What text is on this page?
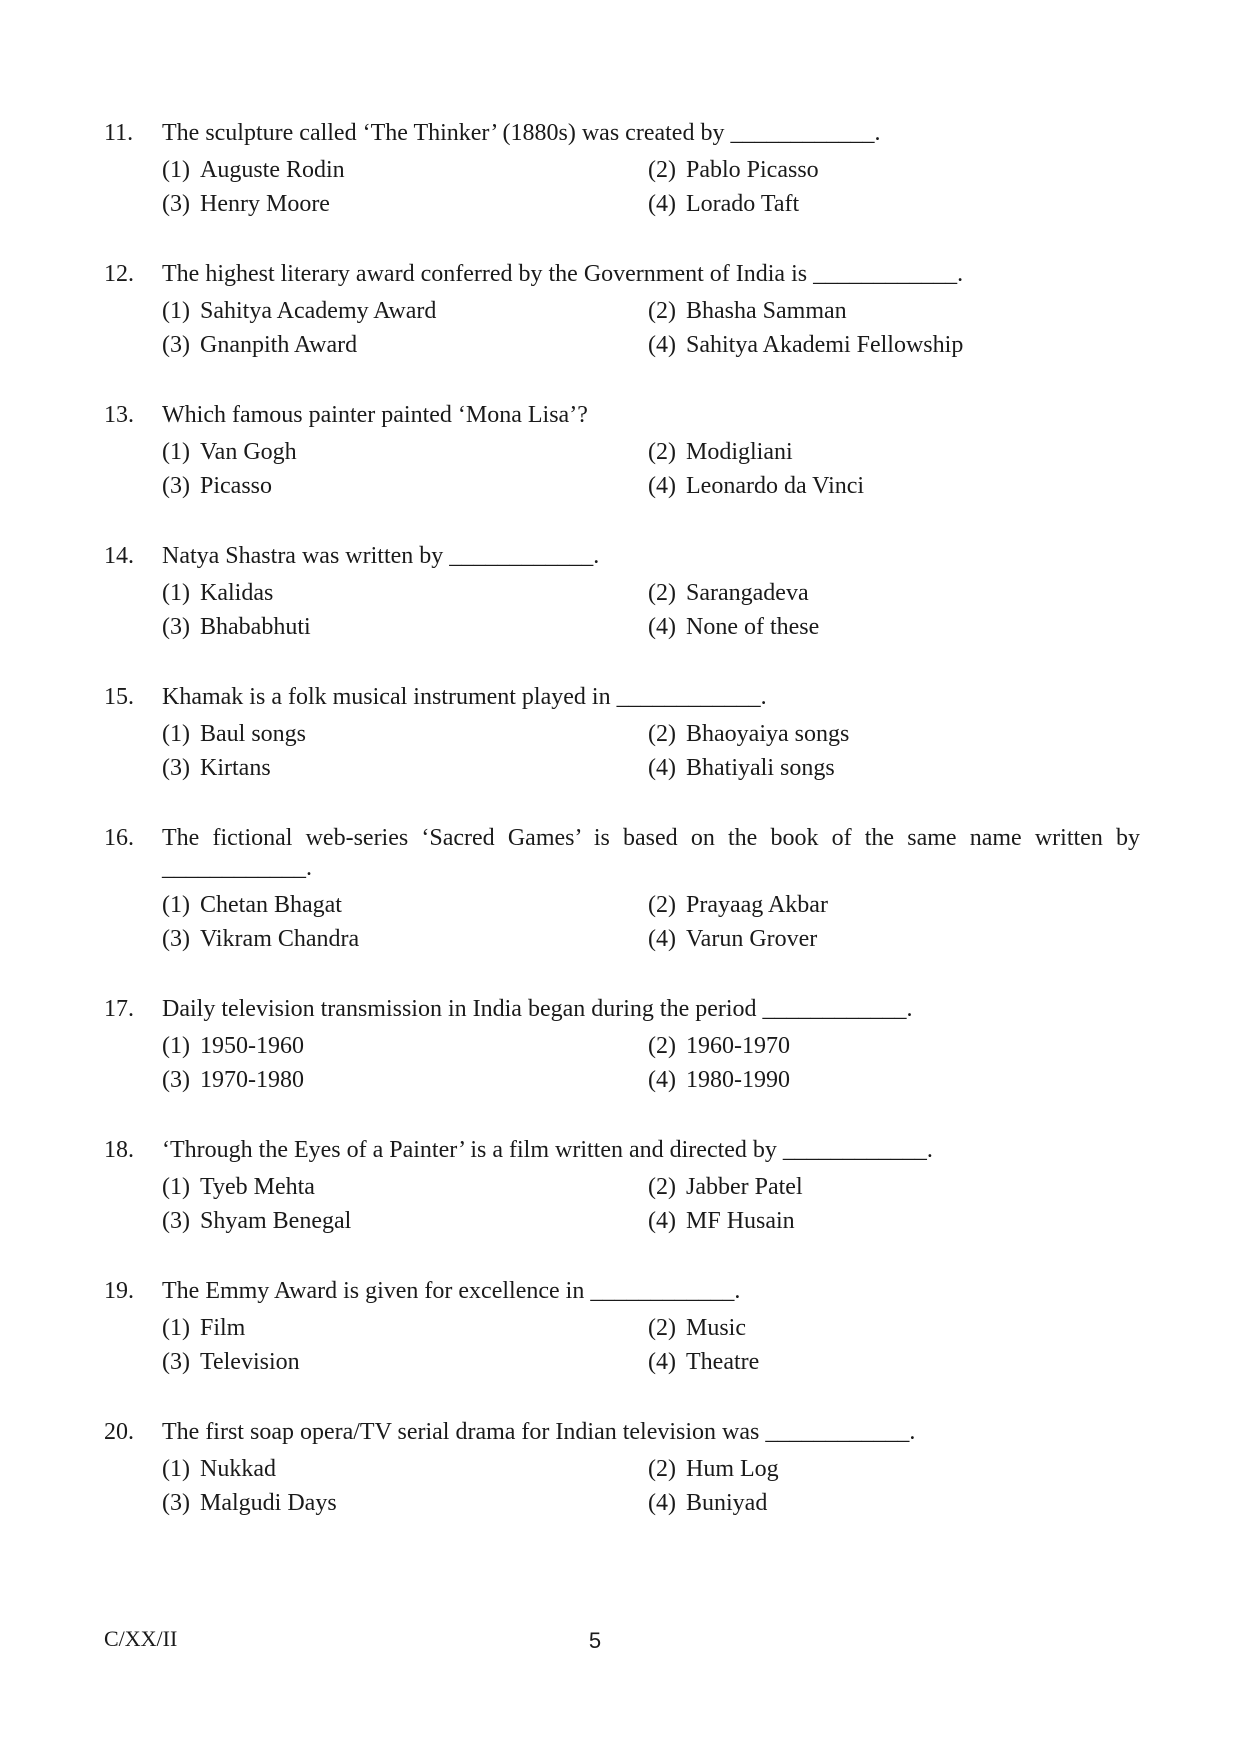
11.	The sculpture called ‘The Thinker’ (1880s) was created by ____________.
(1) Auguste Rodin	(2) Pablo Picasso
(3) Henry Moore	(4) Lorado Taft
12.	The highest literary award conferred by the Government of India is ____________.
(1) Sahitya Academy Award	(2) Bhasha Samman
(3) Gnanpith Award	(4) Sahitya Akademi Fellowship
13.	Which famous painter painted ‘Mona Lisa’?
(1) Van Gogh	(2) Modigliani
(3) Picasso	(4) Leonardo da Vinci
14.	Natya Shastra was written by ____________.
(1) Kalidas	(2) Sarangadeva
(3) Bhababhuti	(4) None of these
15.	Khamak is a folk musical instrument played in ____________.
(1) Baul songs	(2) Bhaoyaiya songs
(3) Kirtans	(4) Bhatiyali songs
16.	The fictional web-series ‘Sacred Games’ is based on the book of the same name written by
____________.
(1) Chetan Bhagat	(2) Prayaag Akbar
(3) Vikram Chandra	(4) Varun Grover
17.	Daily television transmission in India began during the period ____________.
(1) 1950-1960	(2) 1960-1970
(3) 1970-1980	(4) 1980-1990
18.	‘Through the Eyes of a Painter’ is a film written and directed by ____________.
(1) Tyeb Mehta	(2) Jabber Patel
(3) Shyam Benegal	(4) MF Husain
19.	The Emmy Award is given for excellence in ____________.
(1) Film	(2) Music
(3) Television	(4) Theatre
20.	The first soap opera/TV serial drama for Indian television was ____________.
(1) Nukkad	(2) Hum Log
(3) Malgudi Days	(4) Buniyad
C/XX/II	5
